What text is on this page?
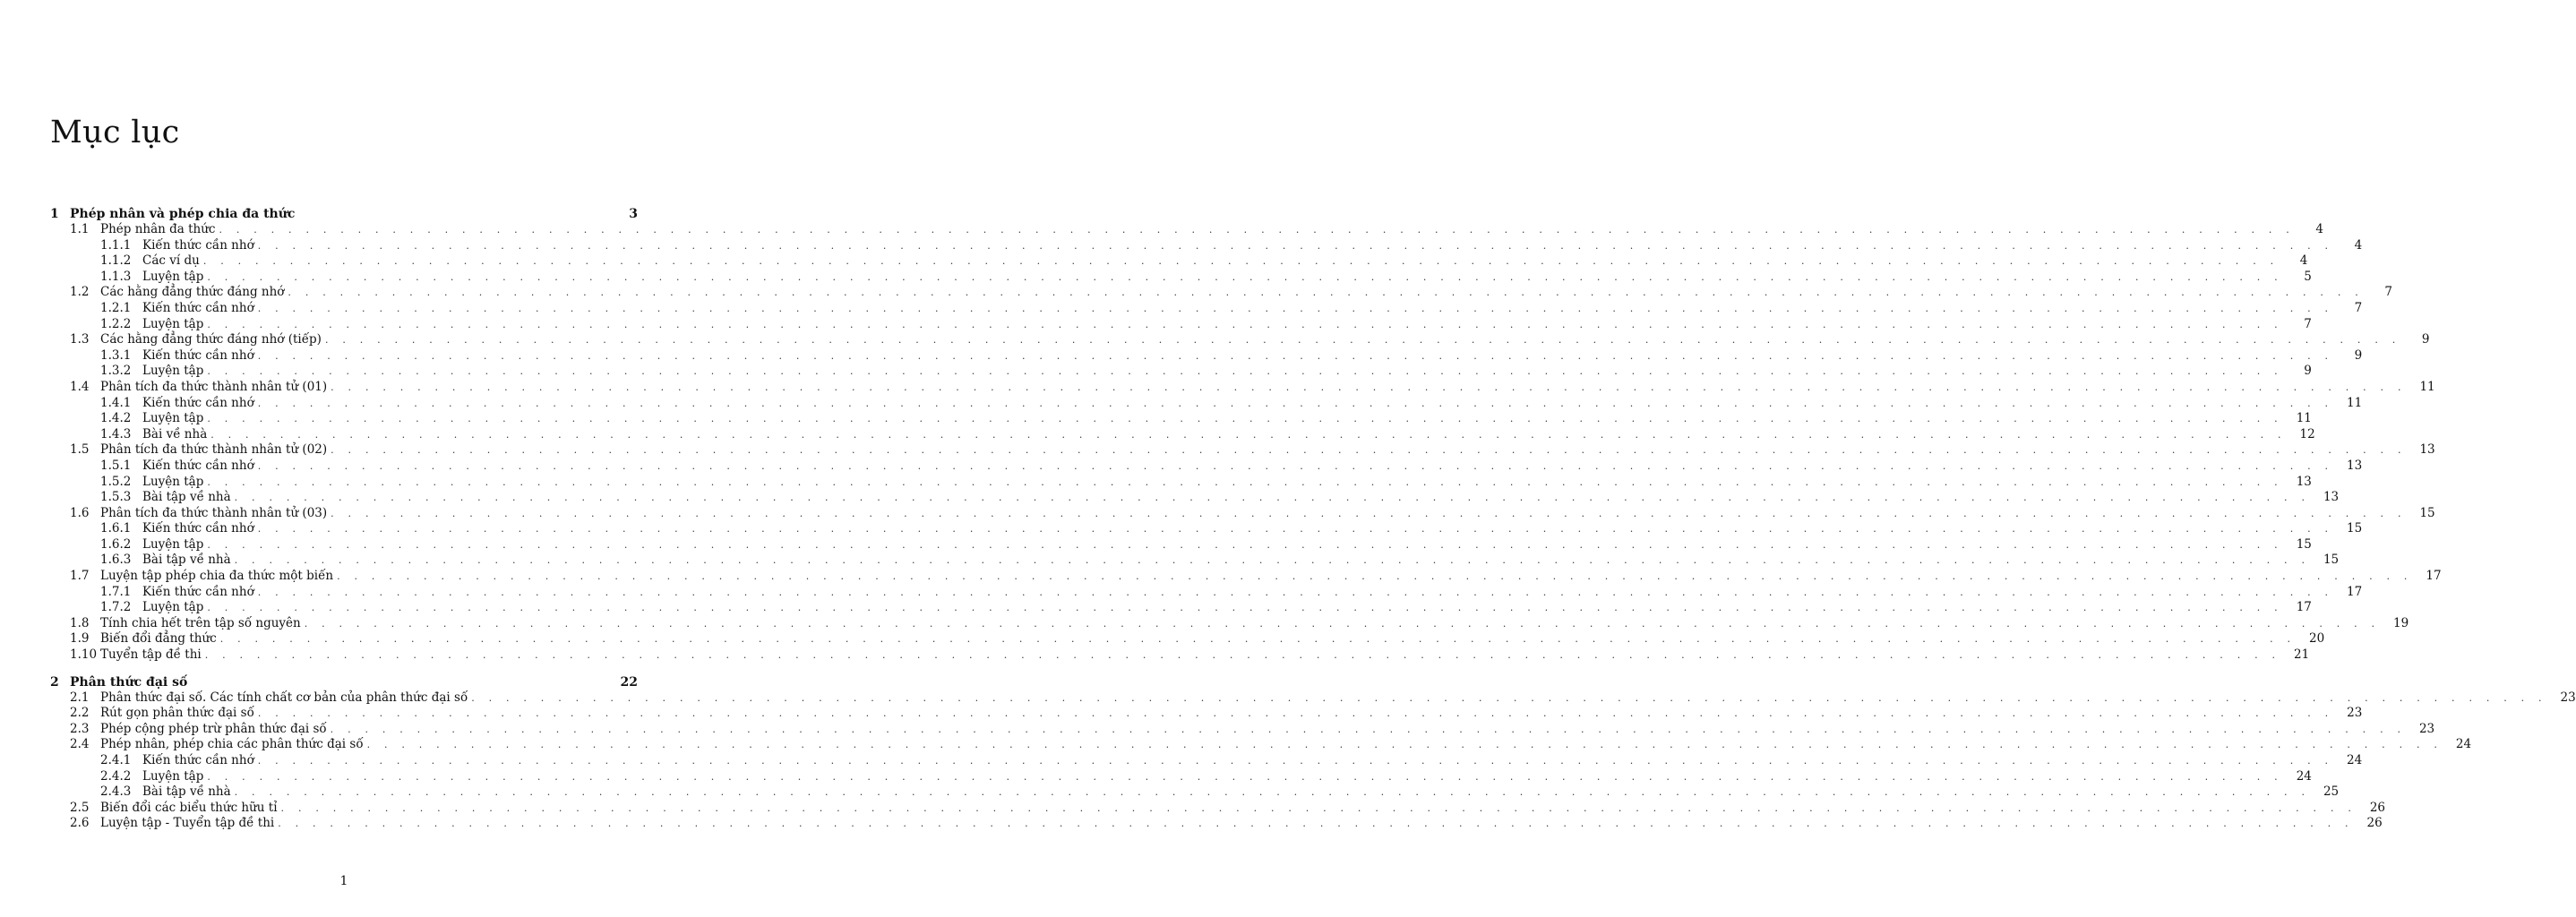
Mục lục
1 Phép nhân và phép chia đa thức	3
1.1 Phép nhân đa thức . . . . . . . . . . . . . . . . . . . . . . . . . . . . . . . . . . . . . . . . . . . . . . . . . . . . . . . . . . . . . . . . . . . . . . . . . . . . . . . . . . . . . . . . . . . . . . . . . . . . . . . . . . . . . . . . . . . . . . . .	4
1.1.1 Kiến thức cần nhớ . . . . . . . . . . . . . . . . . . . . . . . . . . . . . . . . . . . . . . . . . . . . . . . . . . . . . . . . . . . . . . . . . . . . . . . . . . . . . . . . . . . . . . . . . . . . . . . . . . . . . . . . . . . . . . . . . . . . . . . .	4
1.1.2 Các ví dụ . . . . . . . . . . . . . . . . . . . . . . . . . . . . . . . . . . . . . . . . . . . . . . . . . . . . . . . . . . . . . . . . . . . . . . . . . . . . . . . . . . . . . . . . . . . . . . . . . . . . . . . . . . . . . . . . . . . . . . . .	4
1.1.3 Luyện tập . . . . . . . . . . . . . . . . . . . . . . . . . . . . . . . . . . . . . . . . . . . . . . . . . . . . . . . . . . . . . . . . . . . . . . . . . . . . . . . . . . . . . . . . . . . . . . . . . . . . . . . . . . . . . . . . . . . . . . . .	5
1.2 Các hằng đẳng thức đáng nhớ . . . . . . . . . . . . . . . . . . . . . . . . . . . . . . . . . . . . . . . . . . . . . . . . . . . . . . . . . . . . . . . . . . . . . . . . . . . . . . . . . . . . . . . . . . . . . . . . . . . . . . . . . . . . . . . . . . . . . . . .	7
1.2.1 Kiến thức cần nhớ . . . . . . . . . . . . . . . . . . . . . . . . . . . . . . . . . . . . . . . . . . . . . . . . . . . . . . . . . . . . . . . . . . . . . . . . . . . . . . . . . . . . . . . . . . . . . . . . . . . . . . . . . . . . . . . . . . . . . . . .	7
1.2.2 Luyện tập . . . . . . . . . . . . . . . . . . . . . . . . . . . . . . . . . . . . . . . . . . . . . . . . . . . . . . . . . . . . . . . . . . . . . . . . . . . . . . . . . . . . . . . . . . . . . . . . . . . . . . . . . . . . . . . . . . . . . . . .	7
1.3 Các hằng đẳng thức đáng nhớ (tiếp) . . . . . . . . . . . . . . . . . . . . . . . . . . . . . . . . . . . . . . . . . . . . . . . . . . . . . . . . . . . . . . . . . . . . . . . . . . . . . . . . . . . . . . . . . . . . . . . . . . . . . . . . . . . . . . . . . . . . . . . .	9
1.3.1 Kiến thức cần nhớ . . . . . . . . . . . . . . . . . . . . . . . . . . . . . . . . . . . . . . . . . . . . . . . . . . . . . . . . . . . . . . . . . . . . . . . . . . . . . . . . . . . . . . . . . . . . . . . . . . . . . . . . . . . . . . . . . . . . . . . .	9
1.3.2 Luyện tập . . . . . . . . . . . . . . . . . . . . . . . . . . . . . . . . . . . . . . . . . . . . . . . . . . . . . . . . . . . . . . . . . . . . . . . . . . . . . . . . . . . . . . . . . . . . . . . . . . . . . . . . . . . . . . . . . . . . . . . .	9
1.4 Phân tích đa thức thành nhân tử (01) . . . . . . . . . . . . . . . . . . . . . . . . . . . . . . . . . . . . . . . . . . . . . . . . . . . . . . . . . . . . . . . . . . . . . . . . . . . . . . . . . . . . . . . . . . . . . . . . . . . . . . . . . . . . . . . . . . . . . . . .	11
1.4.1 Kiến thức cần nhớ . . . . . . . . . . . . . . . . . . . . . . . . . . . . . . . . . . . . . . . . . . . . . . . . . . . . . . . . . . . . . . . . . . . . . . . . . . . . . . . . . . . . . . . . . . . . . . . . . . . . . . . . . . . . . . . . . . . . . . . .	11
1.4.2 Luyện tập . . . . . . . . . . . . . . . . . . . . . . . . . . . . . . . . . . . . . . . . . . . . . . . . . . . . . . . . . . . . . . . . . . . . . . . . . . . . . . . . . . . . . . . . . . . . . . . . . . . . . . . . . . . . . . . . . . . . . . . .	11
1.4.3 Bài về nhà . . . . . . . . . . . . . . . . . . . . . . . . . . . . . . . . . . . . . . . . . . . . . . . . . . . . . . . . . . . . . . . . . . . . . . . . . . . . . . . . . . . . . . . . . . . . . . . . . . . . . . . . . . . . . . . . . . . . . . . .	12
1.5 Phân tích đa thức thành nhân tử (02) . . . . . . . . . . . . . . . . . . . . . . . . . . . . . . . . . . . . . . . . . . . . . . . . . . . . . . . . . . . . . . . . . . . . . . . . . . . . . . . . . . . . . . . . . . . . . . . . . . . . . . . . . . . . . . . . . . . . . . . .	13
1.5.1 Kiến thức cần nhớ . . . . . . . . . . . . . . . . . . . . . . . . . . . . . . . . . . . . . . . . . . . . . . . . . . . . . . . . . . . . . . . . . . . . . . . . . . . . . . . . . . . . . . . . . . . . . . . . . . . . . . . . . . . . . . . . . . . . . . . .	13
1.5.2 Luyện tập . . . . . . . . . . . . . . . . . . . . . . . . . . . . . . . . . . . . . . . . . . . . . . . . . . . . . . . . . . . . . . . . . . . . . . . . . . . . . . . . . . . . . . . . . . . . . . . . . . . . . . . . . . . . . . . . . . . . . . . .	13
1.5.3 Bài tập về nhà . . . . . . . . . . . . . . . . . . . . . . . . . . . . . . . . . . . . . . . . . . . . . . . . . . . . . . . . . . . . . . . . . . . . . . . . . . . . . . . . . . . . . . . . . . . . . . . . . . . . . . . . . . . . . . . . . . . . . . . .	13
1.6 Phân tích đa thức thành nhân tử (03) . . . . . . . . . . . . . . . . . . . . . . . . . . . . . . . . . . . . . . . . . . . . . . . . . . . . . . . . . . . . . . . . . . . . . . . . . . . . . . . . . . . . . . . . . . . . . . . . . . . . . . . . . . . . . . . . . . . . . . . .	15
1.6.1 Kiến thức cần nhớ . . . . . . . . . . . . . . . . . . . . . . . . . . . . . . . . . . . . . . . . . . . . . . . . . . . . . . . . . . . . . . . . . . . . . . . . . . . . . . . . . . . . . . . . . . . . . . . . . . . . . . . . . . . . . . . . . . . . . . . .	15
1.6.2 Luyện tập . . . . . . . . . . . . . . . . . . . . . . . . . . . . . . . . . . . . . . . . . . . . . . . . . . . . . . . . . . . . . . . . . . . . . . . . . . . . . . . . . . . . . . . . . . . . . . . . . . . . . . . . . . . . . . . . . . . . . . . .	15
1.6.3 Bài tập về nhà . . . . . . . . . . . . . . . . . . . . . . . . . . . . . . . . . . . . . . . . . . . . . . . . . . . . . . . . . . . . . . . . . . . . . . . . . . . . . . . . . . . . . . . . . . . . . . . . . . . . . . . . . . . . . . . . . . . . . . . .	15
1.7 Luyện tập phép chia đa thức một biến . . . . . . . . . . . . . . . . . . . . . . . . . . . . . . . . . . . . . . . . . . . . . . . . . . . . . . . . . . . . . . . . . . . . . . . . . . . . . . . . . . . . . . . . . . . . . . . . . . . . . . . . . . . . . . . . . . . . . . . .	17
1.7.1 Kiến thức cần nhớ . . . . . . . . . . . . . . . . . . . . . . . . . . . . . . . . . . . . . . . . . . . . . . . . . . . . . . . . . . . . . . . . . . . . . . . . . . . . . . . . . . . . . . . . . . . . . . . . . . . . . . . . . . . . . . . . . . . . . . . .	17
1.7.2 Luyện tập . . . . . . . . . . . . . . . . . . . . . . . . . . . . . . . . . . . . . . . . . . . . . . . . . . . . . . . . . . . . . . . . . . . . . . . . . . . . . . . . . . . . . . . . . . . . . . . . . . . . . . . . . . . . . . . . . . . . . . . .	17
1.8 Tính chia hết trên tập số nguyên . . . . . . . . . . . . . . . . . . . . . . . . . . . . . . . . . . . . . . . . . . . . . . . . . . . . . . . . . . . . . . . . . . . . . . . . . . . . . . . . . . . . . . . . . . . . . . . . . . . . . . . . . . . . . . . . . . . . . . . .	19
1.9 Biến đổi đẳng thức . . . . . . . . . . . . . . . . . . . . . . . . . . . . . . . . . . . . . . . . . . . . . . . . . . . . . . . . . . . . . . . . . . . . . . . . . . . . . . . . . . . . . . . . . . . . . . . . . . . . . . . . . . . . . . . . . . . . . . . .	20
1.10 Tuyển tập đề thi . . . . . . . . . . . . . . . . . . . . . . . . . . . . . . . . . . . . . . . . . . . . . . . . . . . . . . . . . . . . . . . . . . . . . . . . . . . . . . . . . . . . . . . . . . . . . . . . . . . . . . . . . . . . . . . . . . . . . . . .	21
2 Phân thức đại số	22
2.1 Phân thức đại số. Các tính chất cơ bản của phân thức đại số . . . . . . . . . . . . . . . . . . . . . . . . . . . . . . . . . . . . . . . . . . . . . . . . . . . . . . . . . . . . . . . . . . . . . . . . . . . . . . . . . . . . . . . . . . . . . . . . . . . . . . . . . . . . . . . . . . . . . . . .	23
2.2 Rút gọn phân thức đại số . . . . . . . . . . . . . . . . . . . . . . . . . . . . . . . . . . . . . . . . . . . . . . . . . . . . . . . . . . . . . . . . . . . . . . . . . . . . . . . . . . . . . . . . . . . . . . . . . . . . . . . . . . . . . . . . . . . . . . . .	23
2.3 Phép cộng phép trừ phân thức đại số . . . . . . . . . . . . . . . . . . . . . . . . . . . . . . . . . . . . . . . . . . . . . . . . . . . . . . . . . . . . . . . . . . . . . . . . . . . . . . . . . . . . . . . . . . . . . . . . . . . . . . . . . . . . . . . . . . . . . . . .	23
2.4 Phép nhân, phép chia các phân thức đại số . . . . . . . . . . . . . . . . . . . . . . . . . . . . . . . . . . . . . . . . . . . . . . . . . . . . . . . . . . . . . . . . . . . . . . . . . . . . . . . . . . . . . . . . . . . . . . . . . . . . . . . . . . . . . . . . . . . . . . . .	24
2.4.1 Kiến thức cần nhớ . . . . . . . . . . . . . . . . . . . . . . . . . . . . . . . . . . . . . . . . . . . . . . . . . . . . . . . . . . . . . . . . . . . . . . . . . . . . . . . . . . . . . . . . . . . . . . . . . . . . . . . . . . . . . . . . . . . . . . . .	24
2.4.2 Luyện tập . . . . . . . . . . . . . . . . . . . . . . . . . . . . . . . . . . . . . . . . . . . . . . . . . . . . . . . . . . . . . . . . . . . . . . . . . . . . . . . . . . . . . . . . . . . . . . . . . . . . . . . . . . . . . . . . . . . . . . . .	24
2.4.3 Bài tập về nhà . . . . . . . . . . . . . . . . . . . . . . . . . . . . . . . . . . . . . . . . . . . . . . . . . . . . . . . . . . . . . . . . . . . . . . . . . . . . . . . . . . . . . . . . . . . . . . . . . . . . . . . . . . . . . . . . . . . . . . . .	25
2.5 Biến đổi các biểu thức hữu tỉ . . . . . . . . . . . . . . . . . . . . . . . . . . . . . . . . . . . . . . . . . . . . . . . . . . . . . . . . . . . . . . . . . . . . . . . . . . . . . . . . . . . . . . . . . . . . . . . . . . . . . . . . . . . . . . . . . . . . . . . .	26
2.6 Luyện tập - Tuyển tập đề thi . . . . . . . . . . . . . . . . . . . . . . . . . . . . . . . . . . . . . . . . . . . . . . . . . . . . . . . . . . . . . . . . . . . . . . . . . . . . . . . . . . . . . . . . . . . . . . . . . . . . . . . . . . . . . . . . . . . . . . . .	26
1
